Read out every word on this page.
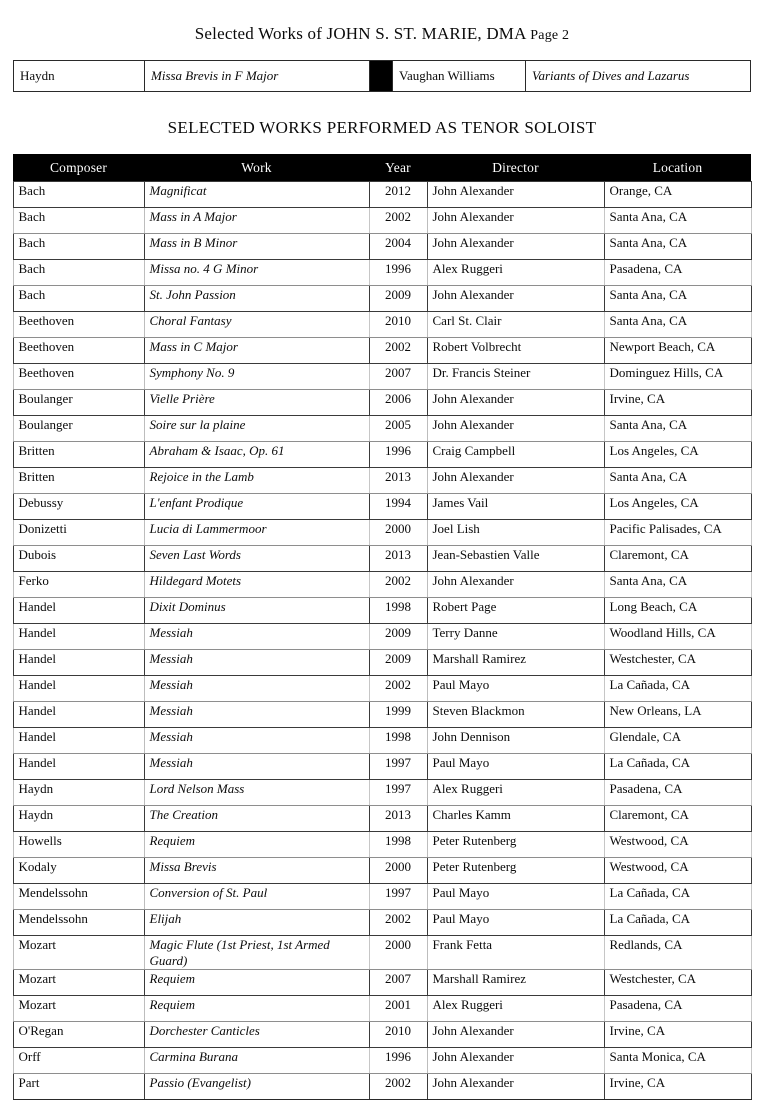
Selected Works of JOHN S. ST. MARIE, DMA Page 2
Haydn	Missa Brevis in F Major		Vaughan Williams	Variants of Dives and Lazarus
SELECTED WORKS PERFORMED AS TENOR SOLOIST
Composer	Work	Year	Director	Location
Bach	Magnificat	2012	John Alexander	Orange, CA
Bach	Mass in A Major	2002	John Alexander	Santa Ana, CA
Bach	Mass in B Minor	2004	John Alexander	Santa Ana, CA
Bach	Missa no. 4 G Minor	1996	Alex Ruggeri	Pasadena, CA
Bach	St. John Passion	2009	John Alexander	Santa Ana, CA
Beethoven	Choral Fantasy	2010	Carl St. Clair	Santa Ana, CA
Beethoven	Mass in C Major	2002	Robert Volbrecht	Newport Beach, CA
Beethoven	Symphony No. 9	2007	Dr. Francis Steiner	Dominguez Hills, CA
Boulanger	Vielle Prière	2006	John Alexander	Irvine, CA
Boulanger	Soire sur la plaine	2005	John Alexander	Santa Ana, CA
Britten	Abraham & Isaac, Op. 61	1996	Craig Campbell	Los Angeles, CA
Britten	Rejoice in the Lamb	2013	John Alexander	Santa Ana, CA
Debussy	L'enfant Prodique	1994	James Vail	Los Angeles, CA
Donizetti	Lucia di Lammermoor	2000	Joel Lish	Pacific Palisades, CA
Dubois	Seven Last Words	2013	Jean-Sebastien Valle	Claremont, CA
Ferko	Hildegard Motets	2002	John Alexander	Santa Ana, CA
Handel	Dixit Dominus	1998	Robert Page	Long Beach, CA
Handel	Messiah	2009	Terry Danne	Woodland Hills, CA
Handel	Messiah	2009	Marshall Ramirez	Westchester, CA
Handel	Messiah	2002	Paul Mayo	La Cañada, CA
Handel	Messiah	1999	Steven Blackmon	New Orleans, LA
Handel	Messiah	1998	John Dennison	Glendale, CA
Handel	Messiah	1997	Paul Mayo	La Cañada, CA
Haydn	Lord Nelson Mass	1997	Alex Ruggeri	Pasadena, CA
Haydn	The Creation	2013	Charles Kamm	Claremont, CA
Howells	Requiem	1998	Peter Rutenberg	Westwood, CA
Kodaly	Missa Brevis	2000	Peter Rutenberg	Westwood, CA
Mendelssohn	Conversion of St. Paul	1997	Paul Mayo	La Cañada, CA
Mendelssohn	Elijah	2002	Paul Mayo	La Cañada, CA
Mozart	Magic Flute (1st Priest, 1st Armed Guard)	2000	Frank Fetta	Redlands, CA
Mozart	Requiem	2007	Marshall Ramirez	Westchester, CA
Mozart	Requiem	2001	Alex Ruggeri	Pasadena, CA
O'Regan	Dorchester Canticles	2010	John Alexander	Irvine, CA
Orff	Carmina Burana	1996	John Alexander	Santa Monica, CA
Part	Passio (Evangelist)	2002	John Alexander	Irvine, CA
